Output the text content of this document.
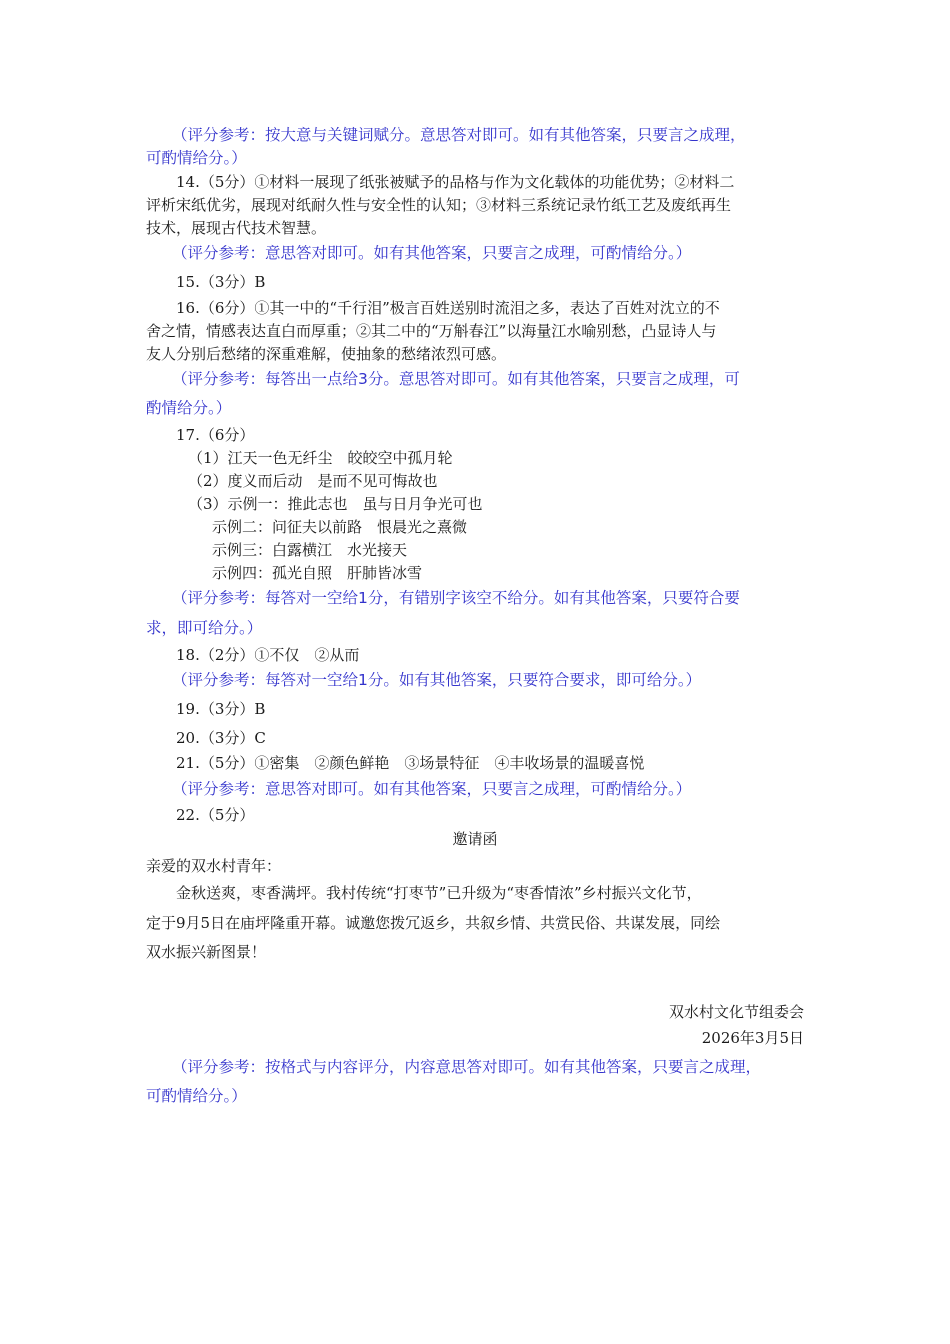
（评分参考：按大意与关键词赋分。意思答对即可。如有其他答案，只要言之成理，
可酌情给分。）
14.（5分）①材料一展现了纸张被赋予的品格与作为文化载体的功能优势；②材料二
评析宋纸优劣，展现对纸耐久性与安全性的认知；③材料三系统记录竹纸工艺及废纸再生
技术，展现古代技术智慧。
（评分参考：意思答对即可。如有其他答案，只要言之成理，可酌情给分。）
15.（3分）B
16.（6分）①其一中的“千行泪”极言百姓送别时流泪之多，表达了百姓对沈立的不
舍之情，情感表达直白而厚重；②其二中的“万斛春江”以海量江水喻别愁，凸显诗人与
友人分别后愁绪的深重难解，使抽象的愁绪浓烈可感。
（评分参考：每答出一点给3分。意思答对即可。如有其他答案，只要言之成理，可
酌情给分。）
17.（6分）
（1）江天一色无纤尘　皎皎空中孤月轮
（2）度义而后动　是而不见可悔故也
（3）示例一：推此志也　虽与日月争光可也
示例二：问征夫以前路　恨晨光之熹微
示例三：白露横江　水光接天
示例四：孤光自照　肝肺皆冰雪
（评分参考：每答对一空给1分，有错别字该空不给分。如有其他答案，只要符合要
求，即可给分。）
18.（2分）①不仅　②从而
（评分参考：每答对一空给1分。如有其他答案，只要符合要求，即可给分。）
19.（3分）B
20.（3分）C
21.（5分）①密集　②颜色鲜艳　③场景特征　④丰收场景的温暖喜悦
（评分参考：意思答对即可。如有其他答案，只要言之成理，可酌情给分。）
22.（5分）
邀请函
亲爱的双水村青年：
金秋送爽，枣香满坪。我村传统“打枣节”已升级为“枣香情浓”乡村振兴文化节，
定于9月5日在庙坪隆重开幕。诚邀您拨冗返乡，共叙乡情、共赏民俗、共谋发展，同绘
双水振兴新图景！
双水村文化节组委会
2026年3月5日
（评分参考：按格式与内容评分，内容意思答对即可。如有其他答案，只要言之成理，
可酌情给分。）
